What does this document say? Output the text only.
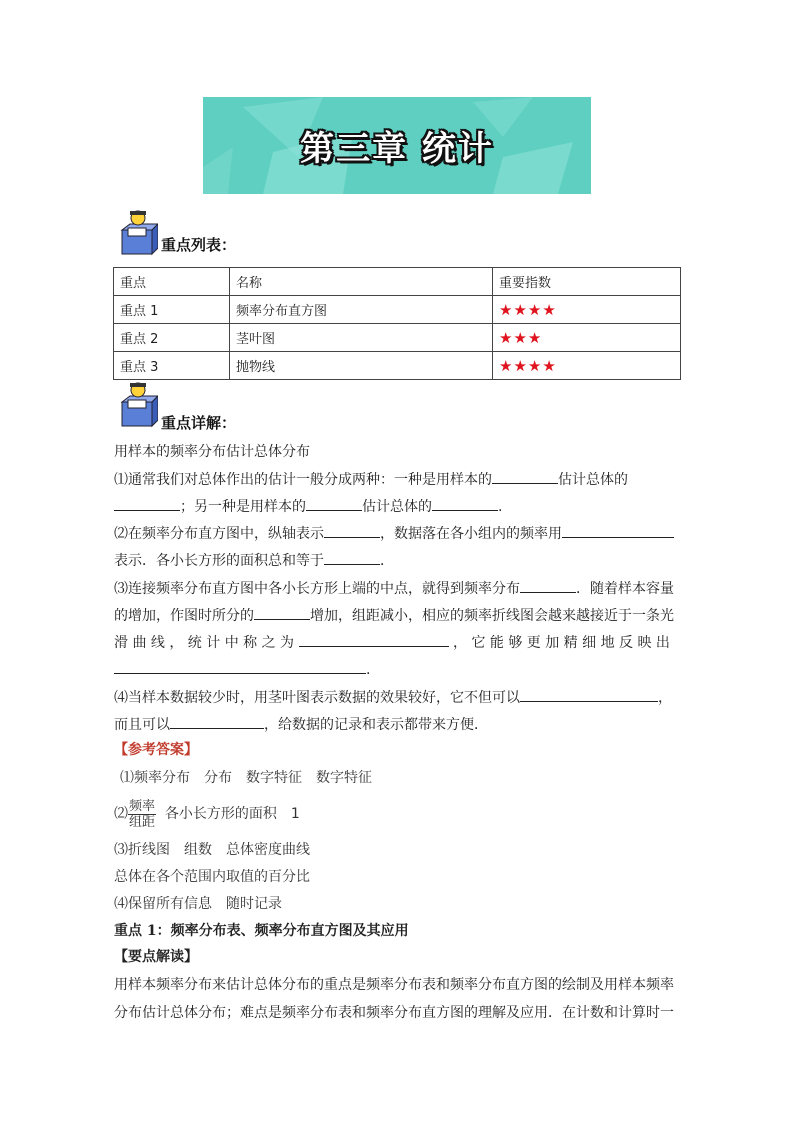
第三章 统计
重点列表：
重点	名称	重要指数
重点 1	频率分布直方图	★★★★
重点 2	茎叶图	★★★
重点 3	抛物线	★★★★
重点详解：
用样本的频率分布估计总体分布
⑴通常我们对总体作出的估计一般分成两种：一种是用样本的	估计总体的
；另一种是用样本的	估计总体的	.
⑵在频率分布直方图中，纵轴表示	，数据落在各小组内的频率用
表示．各小长方形的面积总和等于	．
⑶连接频率分布直方图中各小长方形上端的中点，就得到频率分布	．随着样本容量
的增加，作图时所分的	增加，组距减小，相应的频率折线图会越来越接近于一条光
滑 曲 线 ， 统 计 中 称 之 为	， 它 能 够 更 加 精 细 地 反 映 出
.
⑷当样本数据较少时，用茎叶图表示数据的效果较好，它不但可以	，
而且可以	，给数据的记录和表示都带来方便．
【参考答案】
⑴频率分布　分布　数字特征　数字特征
⑵ $\frac{\text{频率}}{\text{组距}}$ 各小长方形的面积　1
⑶折线图　组数　总体密度曲线
总体在各个范围内取值的百分比
⑷保留所有信息　随时记录
重点 1：频率分布表、频率分布直方图及其应用
【要点解读】
用样本频率分布来估计总体分布的重点是频率分布表和频率分布直方图的绘制及用样本频率
分布估计总体分布；难点是频率分布表和频率分布直方图的理解及应用．在计数和计算时一
